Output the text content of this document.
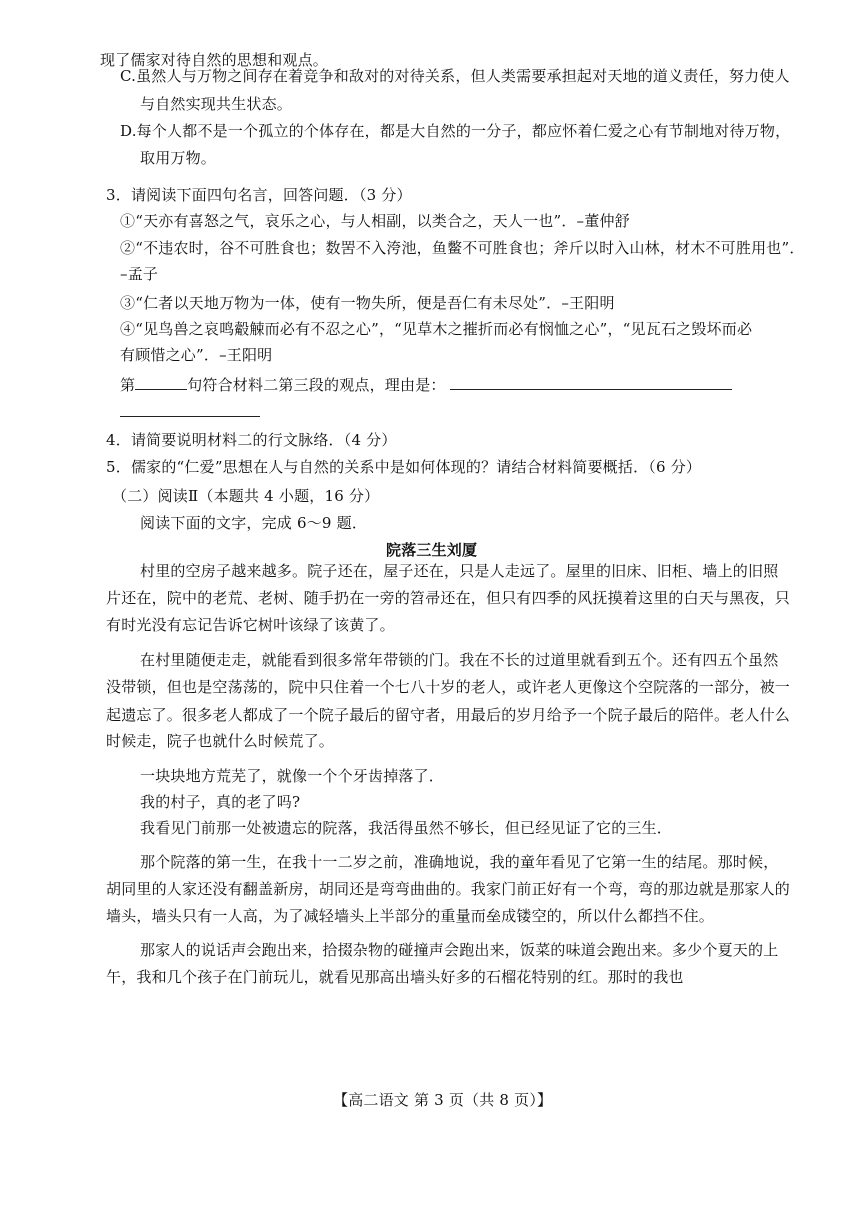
现了儒家对待自然的思想和观点。
C.虽然人与万物之间存在着竞争和敌对的对待关系，但人类需要承担起对天地的道义责任，努力使人
与自然实现共生状态。
D.每个人都不是一个孤立的个体存在，都是大自然的一分子，都应怀着仁爱之心有节制地对待万物，
取用万物。
3．请阅读下面四句名言，回答问题．（3 分）
①“天亦有喜怒之气，哀乐之心，与人相副，以类合之，天人一也”．–董仲舒
②“不违农时，谷不可胜食也；数罟不入洿池，鱼鳖不可胜食也；斧斤以时入山林，材木不可胜用也”．
–孟子
③“仁者以天地万物为一体，使有一物失所，便是吾仁有未尽处”．–王阳明
④“见鸟兽之哀鸣觳觫而必有不忍之心”，“见草木之摧折而必有悯恤之心”，“见瓦石之毁坏而必
有顾惜之心”．–王阳明
第	句符合材料二第三段的观点，理由是：
4．请简要说明材料二的行文脉络．（4 分）
5．儒家的“仁爱”思想在人与自然的关系中是如何体现的？请结合材料简要概括．（6 分）
（二）阅读Ⅱ（本题共 4 小题，16 分）
阅读下面的文字，完成 6～9 题．
院落三生刘厦
村里的空房子越来越多。院子还在，屋子还在，只是人走远了。屋里的旧床、旧柜、墙上的旧照
片还在，院中的老荒、老树、随手扔在一旁的笤帚还在，但只有四季的风抚摸着这里的白天与黑夜，只
有时光没有忘记告诉它树叶该绿了该黄了。
在村里随便走走，就能看到很多常年带锁的门。我在不长的过道里就看到五个。还有四五个虽然
没带锁，但也是空荡荡的，院中只住着一个七八十岁的老人，或许老人更像这个空院落的一部分，被一
起遗忘了。很多老人都成了一个院子最后的留守者，用最后的岁月给予一个院子最后的陪伴。老人什么
时候走，院子也就什么时候荒了。
一块块地方荒芜了，就像一个个牙齿掉落了．
我的村子，真的老了吗?
我看见门前那一处被遗忘的院落，我活得虽然不够长，但已经见证了它的三生．
那个院落的第一生，在我十一二岁之前，准确地说，我的童年看见了它第一生的结尾。那时候，
胡同里的人家还没有翻盖新房，胡同还是弯弯曲曲的。我家门前正好有一个弯，弯的那边就是那家人的
墙头，墙头只有一人高，为了减轻墙头上半部分的重量而垒成镂空的，所以什么都挡不住。
那家人的说话声会跑出来，拾掇杂物的碰撞声会跑出来，饭菜的味道会跑出来。多少个夏天的上
午，我和几个孩子在门前玩儿，就看见那高出墙头好多的石榴花特别的红。那时的我也
【高二语文 第 3 页（共 8 页）】
